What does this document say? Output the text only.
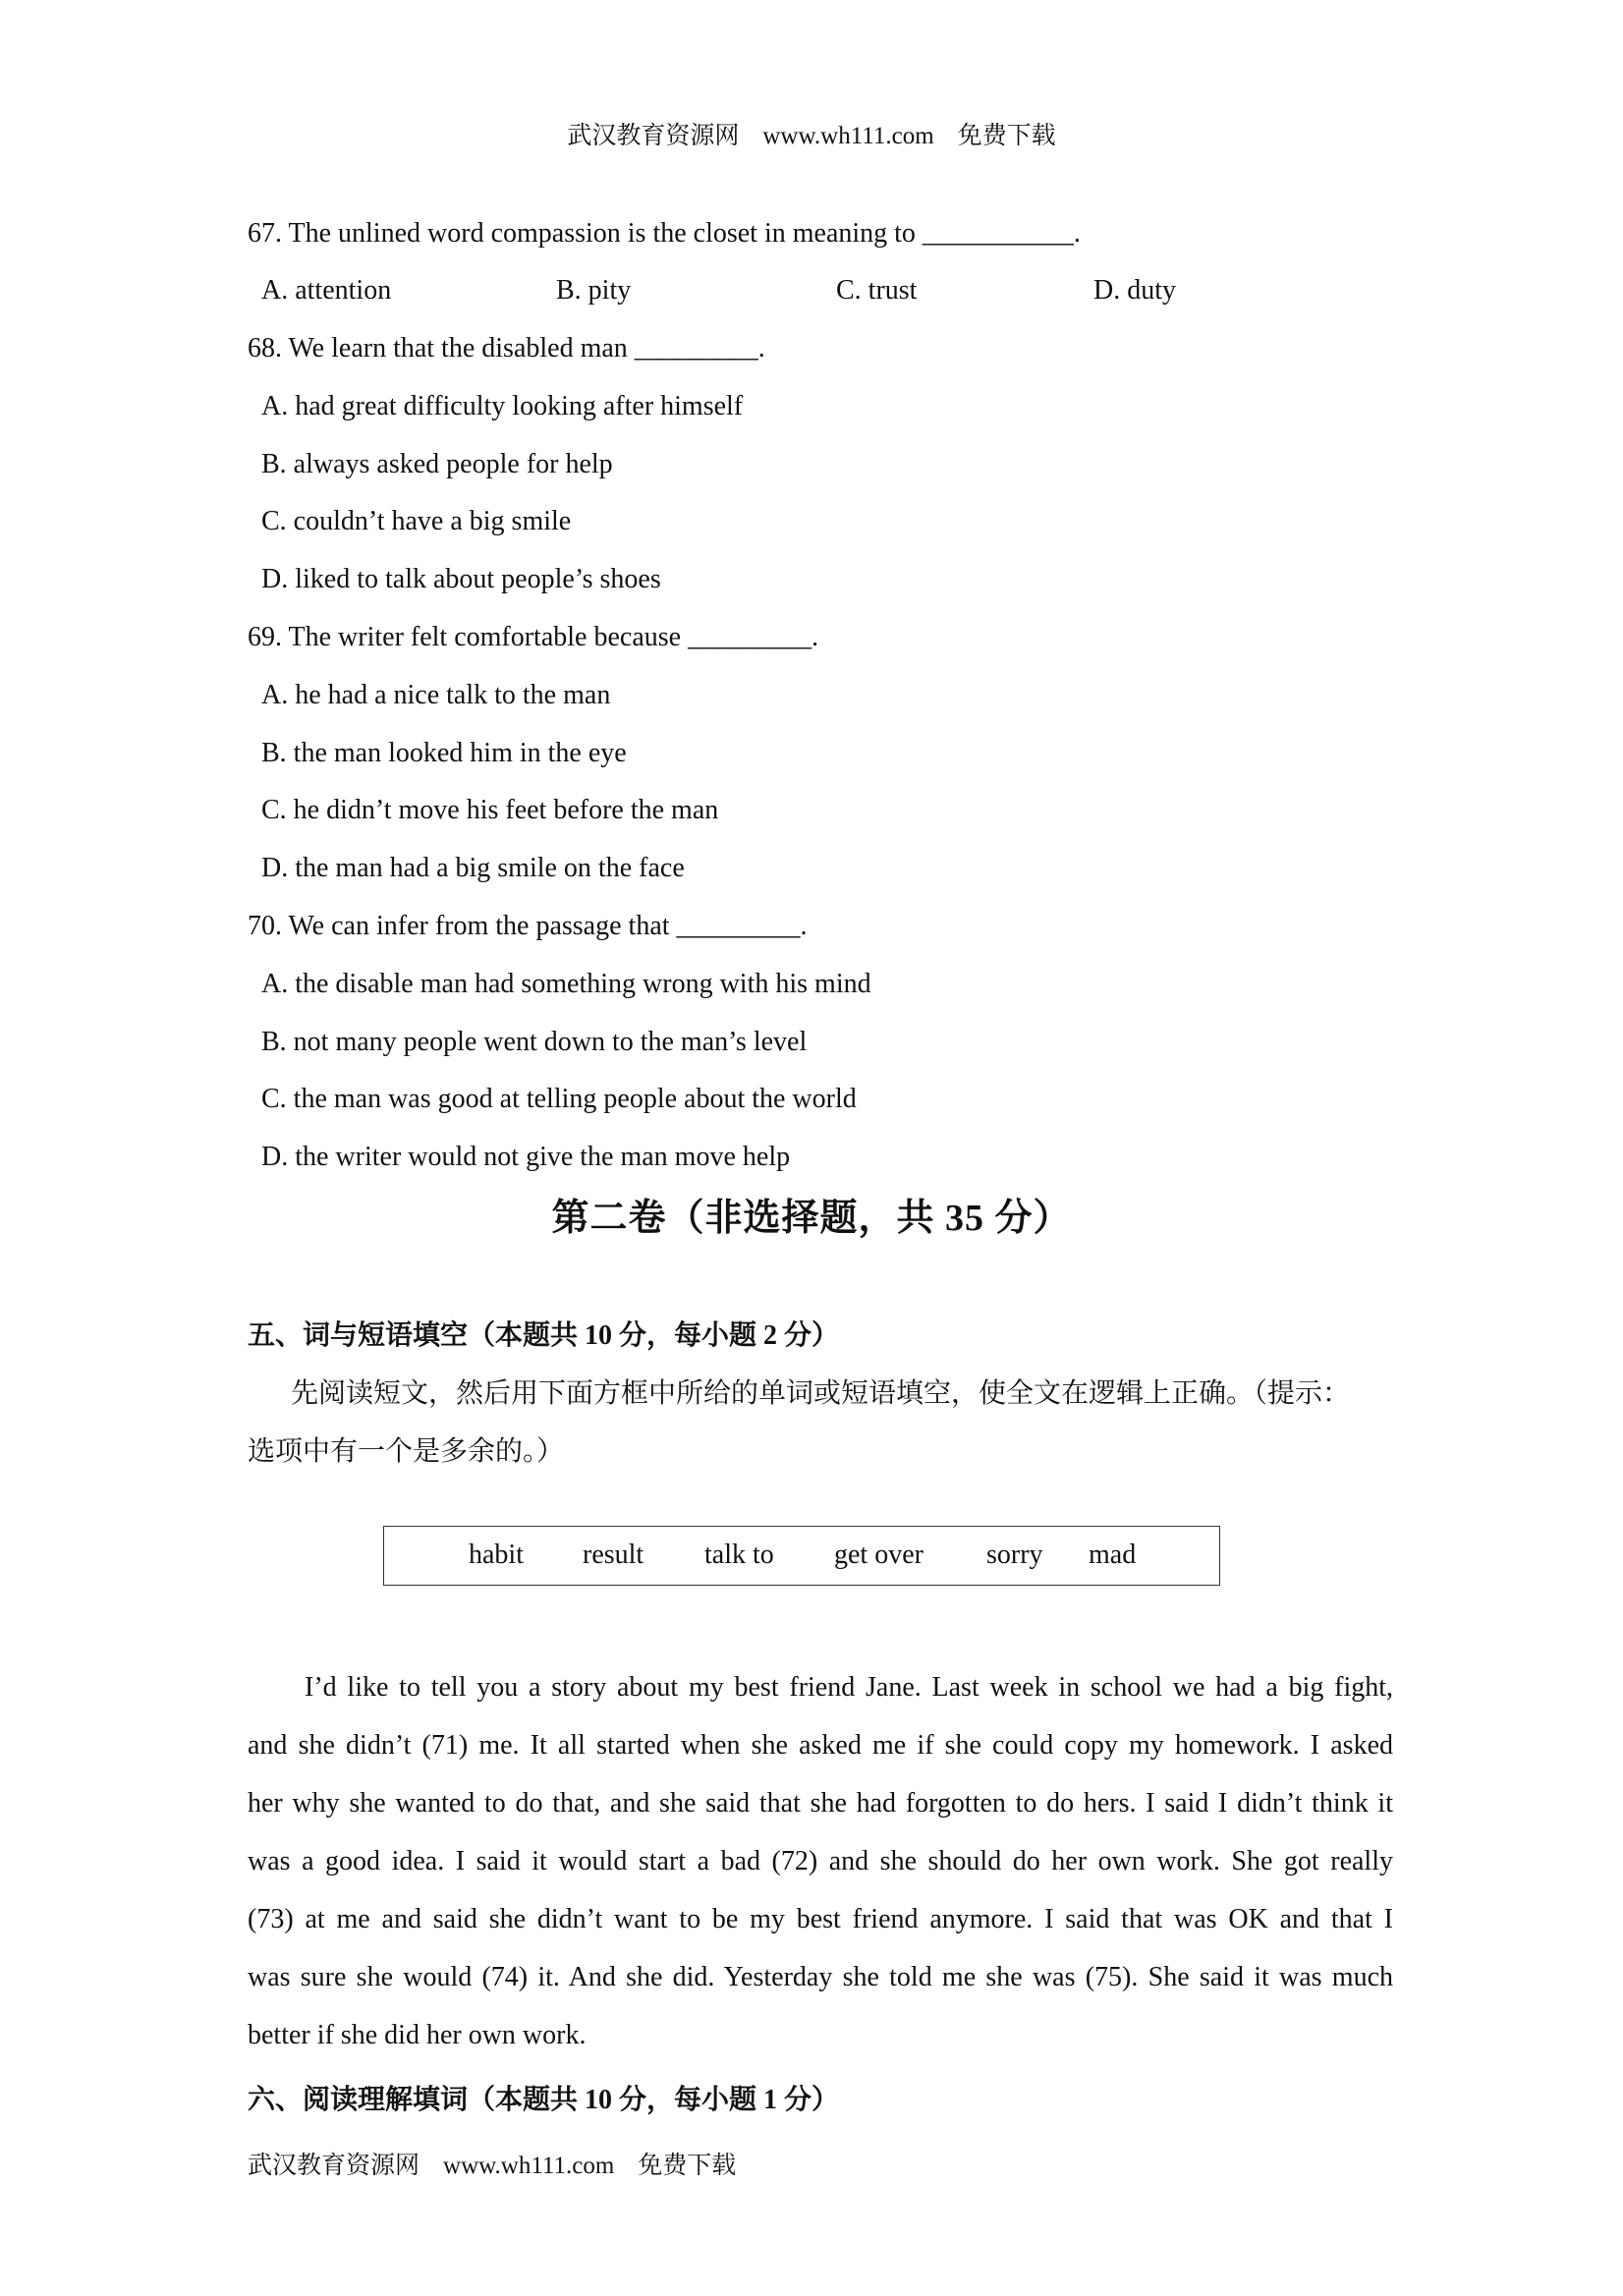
武汉教育资源网 www.wh111.com 免费下载
67. The unlined word compassion is the closet in meaning to ___________.
A. attention	B. pity	C. trust	D. duty
68. We learn that the disabled man _________.
A. had great difficulty looking after himself
B. always asked people for help
C. couldn’t have a big smile
D. liked to talk about people’s shoes
69. The writer felt comfortable because _________.
A. he had a nice talk to the man
B. the man looked him in the eye
C. he didn’t move his feet before the man
D. the man had a big smile on the face
70. We can infer from the passage that _________.
A. the disable man had something wrong with his mind
B. not many people went down to the man’s level
C. the man was good at telling people about the world
D. the writer would not give the man move help
第二卷（非选择题，共 35 分）
五、词与短语填空（本题共 10 分，每小题 2 分）
先阅读短文，然后用下面方框中所给的单词或短语填空，使全文在逻辑上正确。（提示：
选项中有一个是多余的。）
habit result talk to get over sorry mad
I’d like to tell you a story about my best friend Jane. Last week in school we had a big fight,
and she didn’t (71) me. It all started when she asked me if she could copy my homework. I asked
her why she wanted to do that, and she said that she had forgotten to do hers. I said I didn’t think it
was a good idea. I said it would start a bad (72) and she should do her own work. She got really
(73) at me and said she didn’t want to be my best friend anymore. I said that was OK and that I
was sure she would (74) it. And she did. Yesterday she told me she was (75). She said it was much
better if she did her own work.
六、阅读理解填词（本题共 10 分，每小题 1 分）
武汉教育资源网 www.wh111.com 免费下载
